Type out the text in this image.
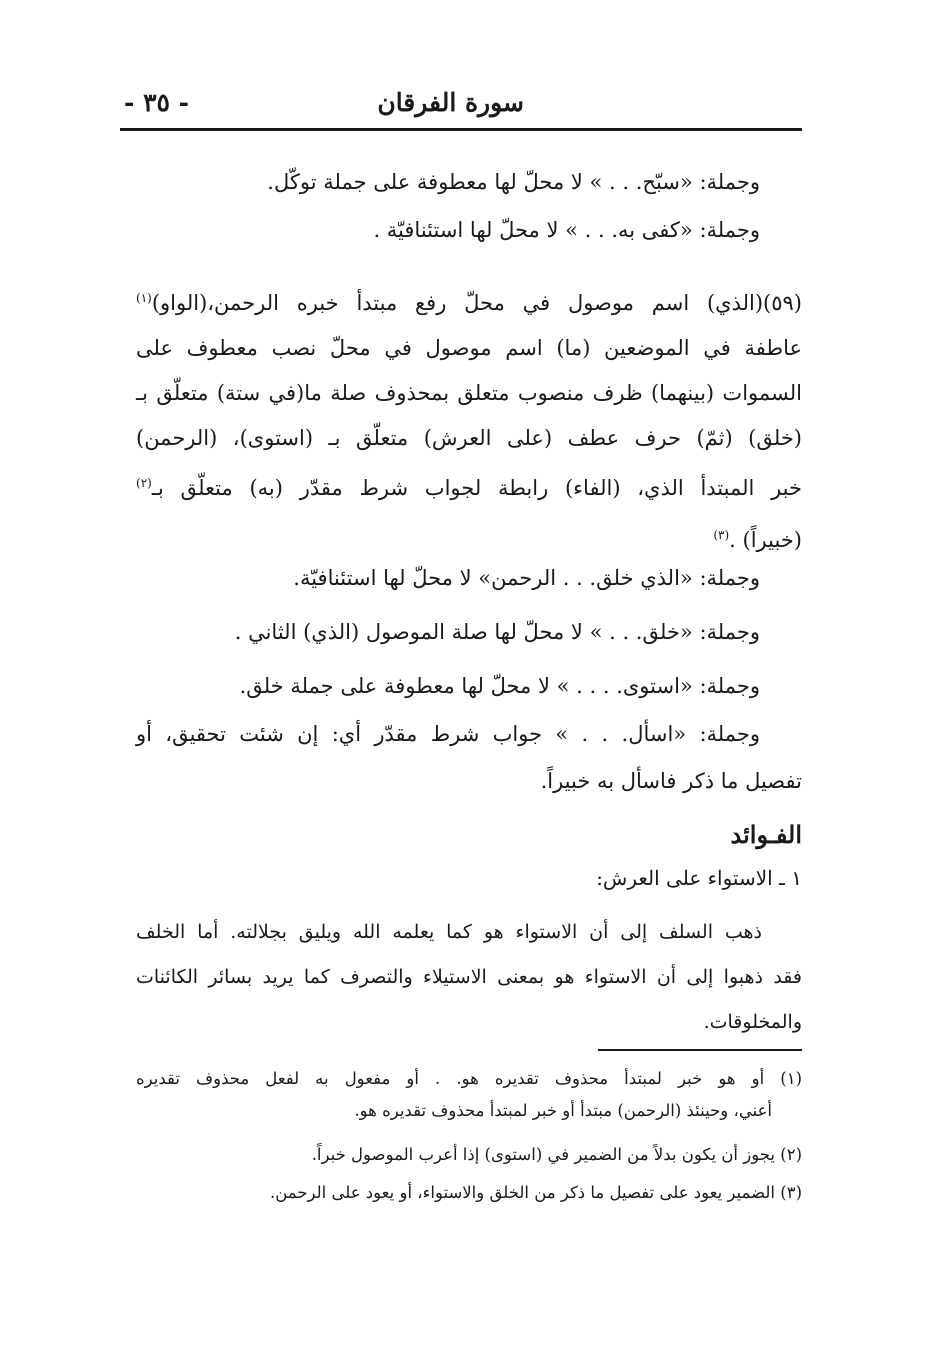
سورة الفرقان
- ٣٥ -
وجملة: «سبّح. . . » لا محلّ لها معطوفة على جملة توكّل.
وجملة: «كفى به. . . » لا محلّ لها استئنافيّة .
(٥٩)(الذي) اسم موصول في محلّ رفع مبتدأ خبره الرحمن،(الواو)$^{(١)}$
عاطفة في الموضعين (ما) اسم موصول في محلّ نصب معطوف على
السموات (بينهما) ظرف منصوب متعلق بمحذوف صلة ما(في ستة) متعلّق بـ
(خلق) (ثمّ) حرف عطف (على العرش) متعلّق بـ (استوى)، (الرحمن)
خبر المبتدأ الذي، (الفاء) رابطة لجواب شرط مقدّر (به) متعلّق بـ$^{(٢)}$
(خبيراً) .$^{(٣)}$
وجملة: «الذي خلق. . . الرحمن» لا محلّ لها استئنافيّة.
وجملة: «خلق. . . » لا محلّ لها صلة الموصول (الذي) الثاني .
وجملة: «استوى. . . . » لا محلّ لها معطوفة على جملة خلق.
وجملة: «اسأل. . . » جواب شرط مقدّر أي: إن شئت تحقيق، أو
تفصيل ما ذكر فاسأل به خبيراً.
الفـوائد
١ ـ الاستواء على العرش:
ذهب السلف إلى أن الاستواء هو كما يعلمه الله ويليق بجلالته. أما الخلف
فقد ذهبوا إلى أن الاستواء هو بمعنى الاستيلاء والتصرف كما يريد بسائر الكائنات
والمخلوقات.
(١) أو هو خبر لمبتدأ محذوف تقديره هو. . أو مفعول به لفعل محذوف تقديره
أعني، وحينئذ (الرحمن) مبتدأ أو خبر لمبتدأ محذوف تقديره هو.
(٢) يجوز أن يكون بدلاً من الضمير في (استوى) إذا أعرب الموصول خبراً.
(٣) الضمير يعود على تفصيل ما ذكر من الخلق والاستواء، أو يعود على الرحمن.
